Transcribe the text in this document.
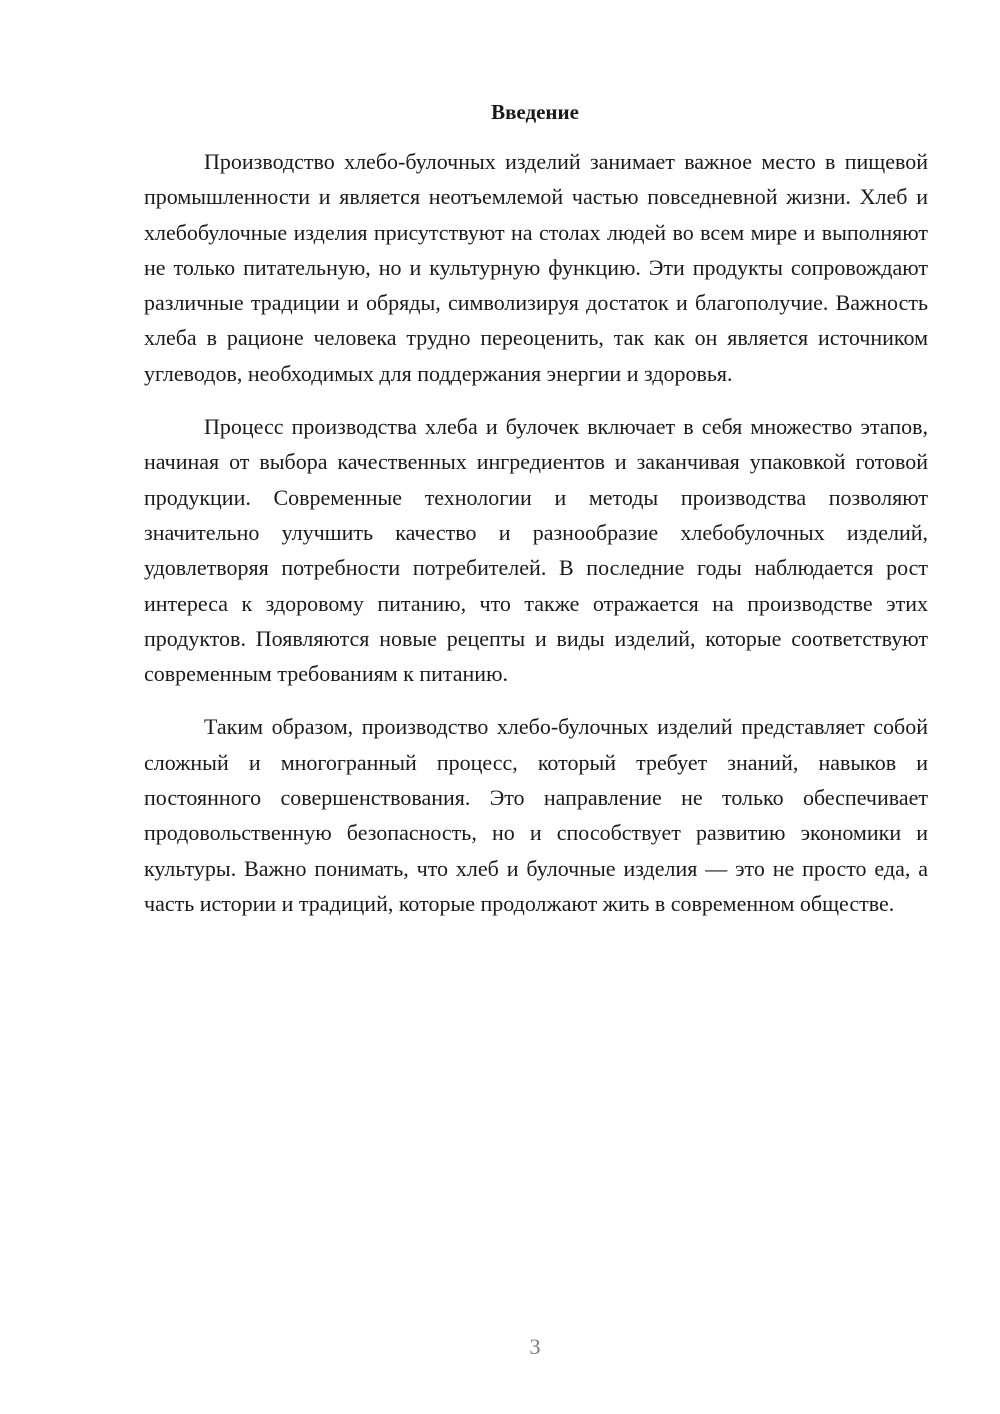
Введение

Производство хлебо-булочных изделий занимает важное место в пищевой промышленности и является неотъемлемой частью повседневной жизни. Хлеб и хлебобулочные изделия присутствуют на столах людей во всем мире и выполняют не только питательную, но и культурную функцию. Эти продукты сопровождают различные традиции и обряды, символизируя достаток и благополучие. Важность хлеба в рационе человека трудно переоценить, так как он является источником углеводов, необходимых для поддержания энергии и здоровья.

Процесс производства хлеба и булочек включает в себя множество этапов, начиная от выбора качественных ингредиентов и заканчивая упаковкой готовой продукции. Современные технологии и методы производства позволяют значительно улучшить качество и разнообразие хлебобулочных изделий, удовлетворяя потребности потребителей. В последние годы наблюдается рост интереса к здоровому питанию, что также отражается на производстве этих продуктов. Появляются новые рецепты и виды изделий, которые соответствуют современным требованиям к питанию.

Таким образом, производство хлебо-булочных изделий представляет собой сложный и многогранный процесс, который требует знаний, навыков и постоянного совершенствования. Это направление не только обеспечивает продовольственную безопасность, но и способствует развитию экономики и культуры. Важно понимать, что хлеб и булочные изделия — это не просто еда, а часть истории и традиций, которые продолжают жить в современном обществе.

3
